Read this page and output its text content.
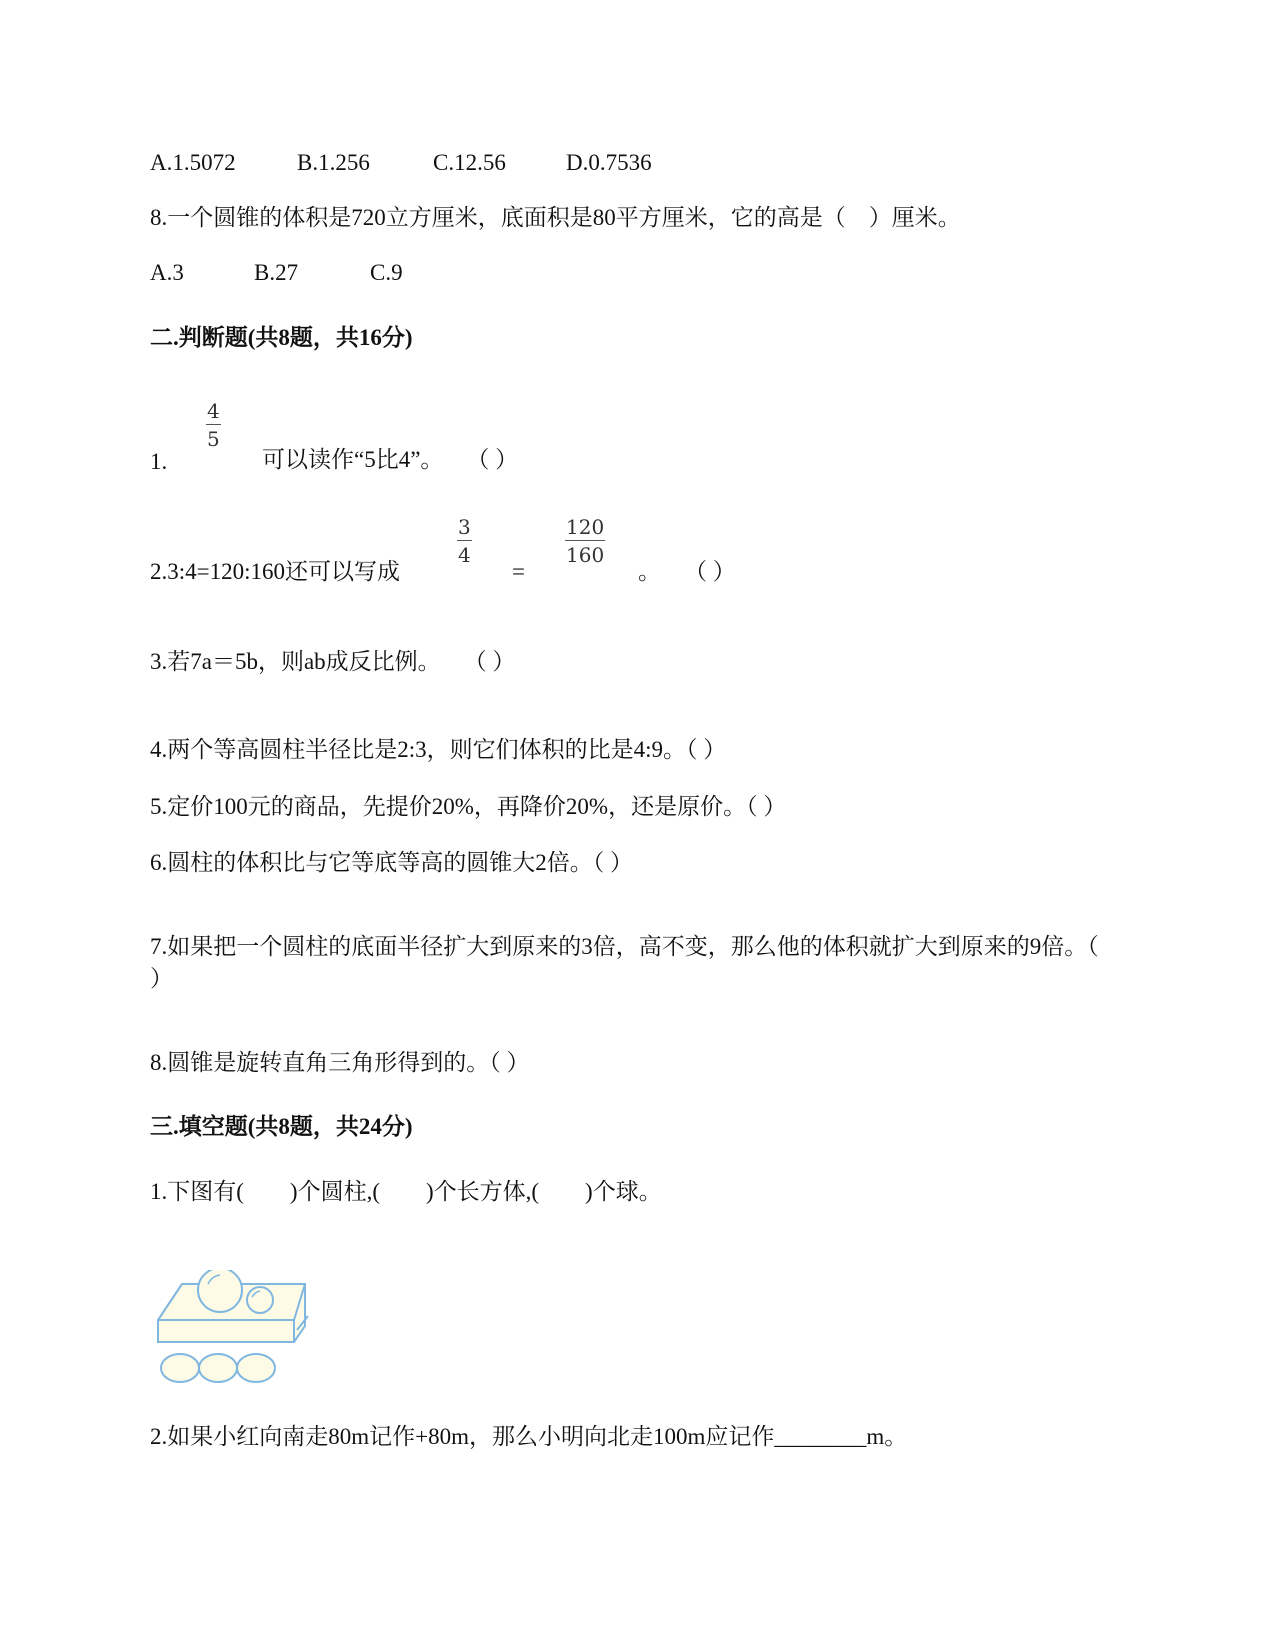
A.1.5072	B.1.256	C.12.56	D.0.7536
8.一个圆锥的体积是720立方厘米，底面积是80平方厘米，它的高是（　）厘米。
A.3	B.27	C.9
二.判断题(共8题，共16分)
1.
4
5
可以读作“5比4”。　　（ ）
2.3:4=120:160还可以写成
3
4
=
120
160
。　　（ ）
3.若7a＝5b，则ab成反比例。　　（ ）
4.两个等高圆柱半径比是2:3，则它们体积的比是4:9。（ ）
5.定价100元的商品，先提价20%，再降价20%，还是原价。（ ）
6.圆柱的体积比与它等底等高的圆锥大2倍。（ ）
7.如果把一个圆柱的底面半径扩大到原来的3倍，高不变，那么他的体积就扩大到原来的9倍。（ ）
8.圆锥是旋转直角三角形得到的。（ ）
三.填空题(共8题，共24分)
1.下图有(　　)个圆柱,(　　)个长方体,(　　)个球。
2.如果小红向南走80m记作+80m，那么小明向北走100m应记作________m。
